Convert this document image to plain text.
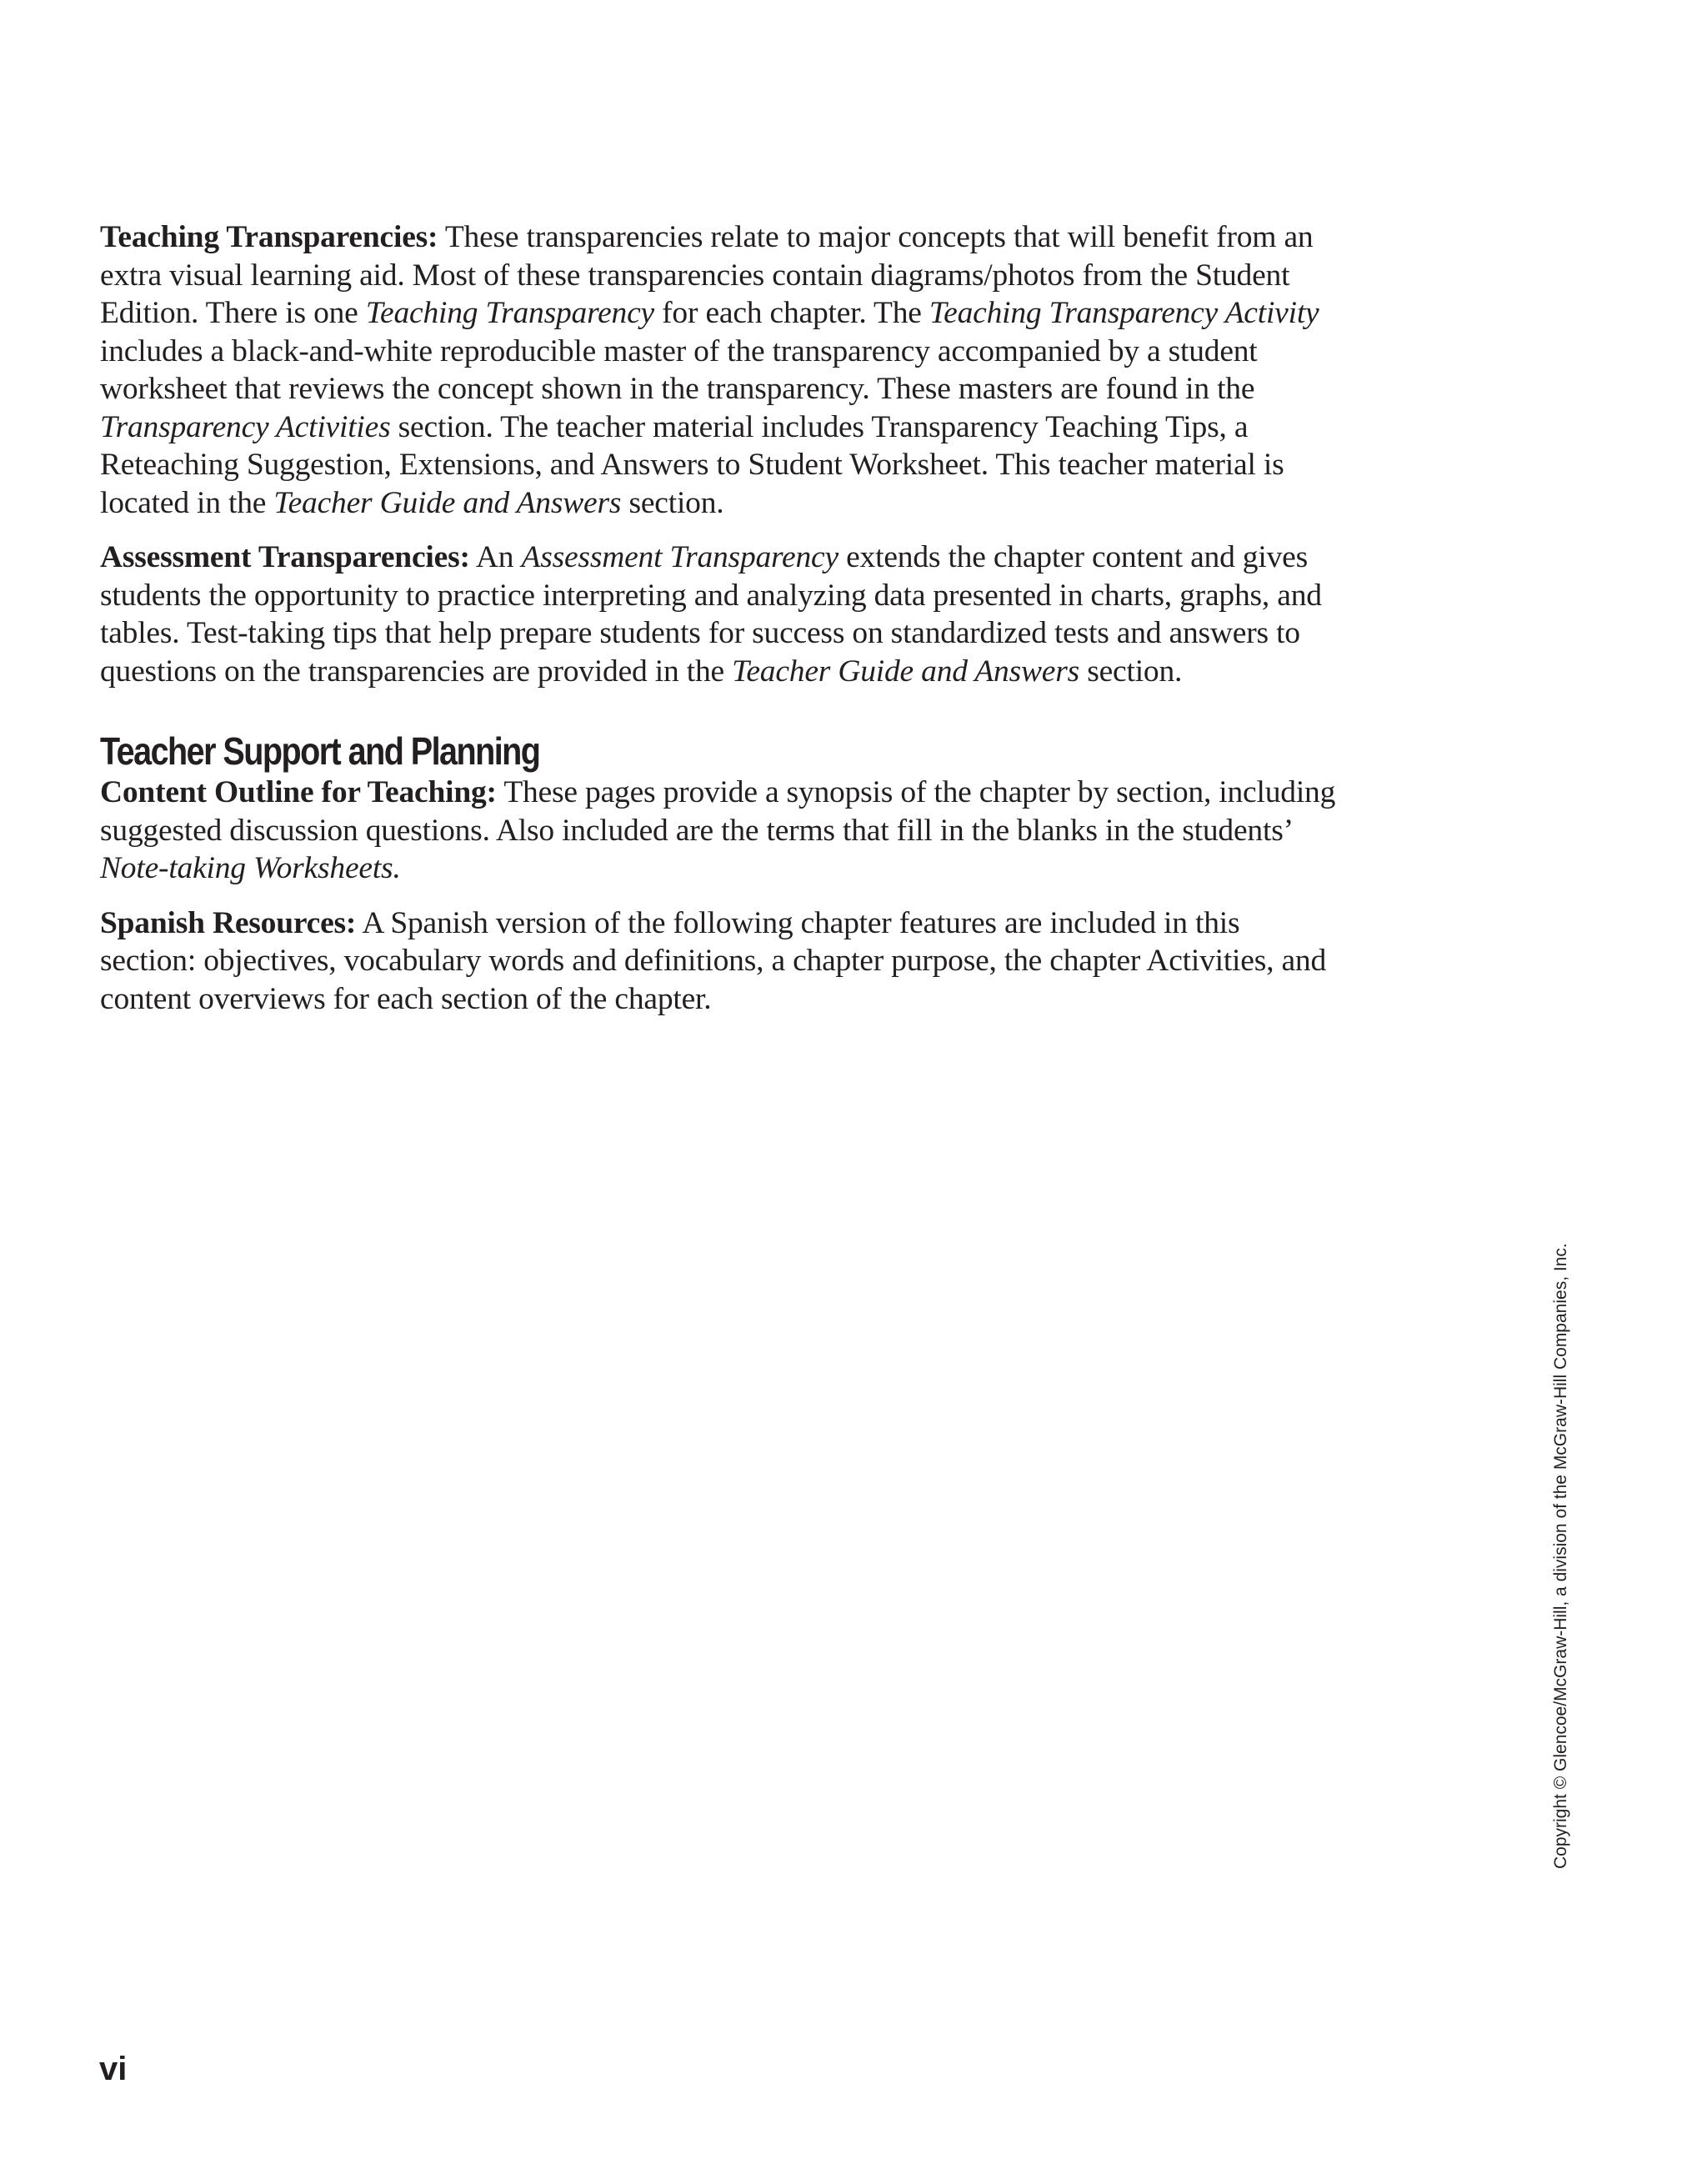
Teaching Transparencies: These transparencies relate to major concepts that will benefit from an extra visual learning aid. Most of these transparencies contain diagrams/photos from the Student Edition. There is one Teaching Transparency for each chapter. The Teaching Transparency Activity includes a black-and-white reproducible master of the transparency accompanied by a student worksheet that reviews the concept shown in the transparency. These masters are found in the Transparency Activities section. The teacher material includes Transparency Teaching Tips, a Reteaching Suggestion, Extensions, and Answers to Student Worksheet. This teacher material is located in the Teacher Guide and Answers section.

Assessment Transparencies: An Assessment Transparency extends the chapter content and gives students the opportunity to practice interpreting and analyzing data presented in charts, graphs, and tables. Test-taking tips that help prepare students for success on standardized tests and answers to questions on the transparencies are provided in the Teacher Guide and Answers section.

Teacher Support and Planning

Content Outline for Teaching: These pages provide a synopsis of the chapter by section, including suggested discussion questions. Also included are the terms that fill in the blanks in the students’ Note-taking Worksheets.

Spanish Resources: A Spanish version of the following chapter features are included in this section: objectives, vocabulary words and definitions, a chapter purpose, the chapter Activities, and content overviews for each section of the chapter.

Copyright © Glencoe/McGraw-Hill, a division of the McGraw-Hill Companies, Inc.
vi
